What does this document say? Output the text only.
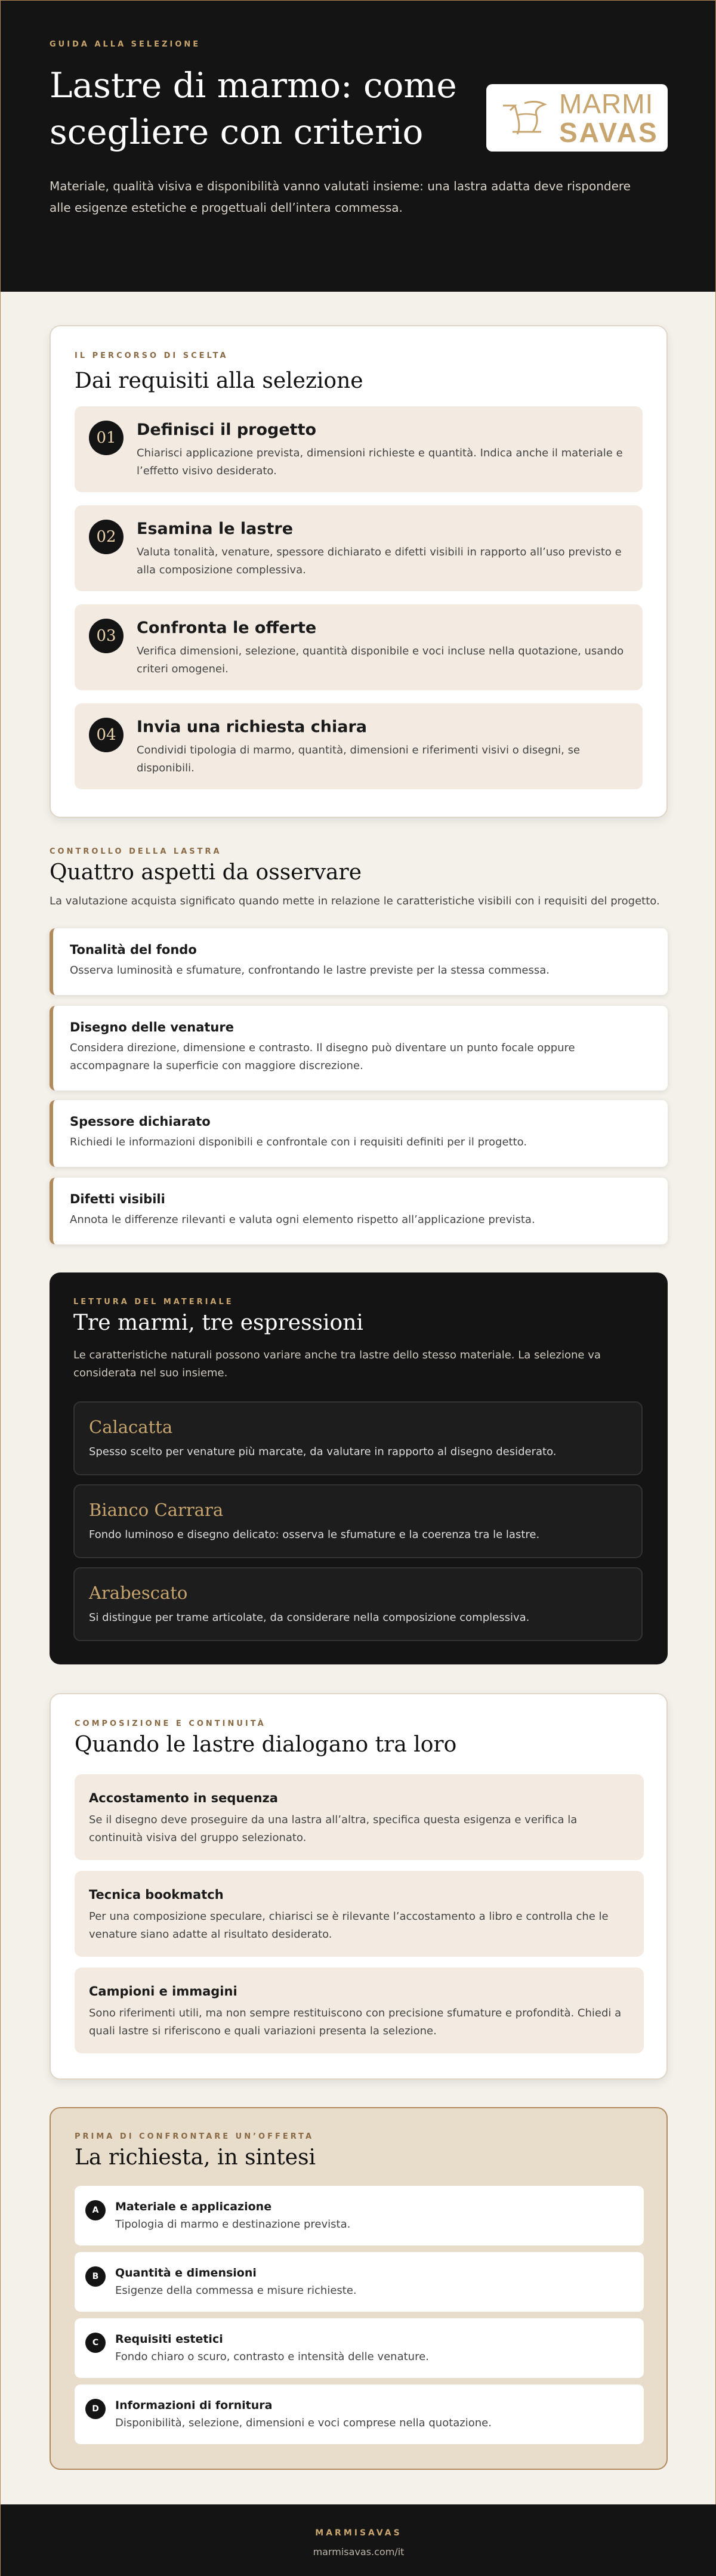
GUIDA ALLA SELEZIONE
Lastre di marmo: come scegliere con criterio

Materiale, qualità visiva e disponibilità vanno valutati insieme: una lastra adatta deve rispondere alle esigenze estetiche e progettuali dell’intera commessa.

MARMI
SAVAS
IL PERCORSO DI SCELTA
Dai requisiti alla selezione
01	Definisci il progetto

Chiarisci applicazione prevista, dimensioni richieste e quantità. Indica anche il materiale e l’effetto visivo desiderato.

02	Esamina le lastre

Valuta tonalità, venature, spessore dichiarato e difetti visibili in rapporto all’uso previsto e alla composizione complessiva.

03	Confronta le offerte

Verifica dimensioni, selezione, quantità disponibile e voci incluse nella quotazione, usando criteri omogenei.

04	Invia una richiesta chiara

Condividi tipologia di marmo, quantità, dimensioni e riferimenti visivi o disegni, se disponibili.

CONTROLLO DELLA LASTRA
Quattro aspetti da osservare

La valutazione acquista significato quando mette in relazione le caratteristiche visibili con i requisiti del progetto.

Tonalità del fondo

Osserva luminosità e sfumature, confrontando le lastre previste per la stessa commessa.

Disegno delle venature

Considera direzione, dimensione e contrasto. Il disegno può diventare un punto focale oppure accompagnare la superficie con maggiore discrezione.

Spessore dichiarato

Richiedi le informazioni disponibili e confrontale con i requisiti definiti per il progetto.

Difetti visibili

Annota le differenze rilevanti e valuta ogni elemento rispetto all’applicazione prevista.

LETTURA DEL MATERIALE
Tre marmi, tre espressioni

Le caratteristiche naturali possono variare anche tra lastre dello stesso materiale. La selezione va considerata nel suo insieme.

Calacatta

Spesso scelto per venature più marcate, da valutare in rapporto al disegno desiderato.

Bianco Carrara

Fondo luminoso e disegno delicato: osserva le sfumature e la coerenza tra le lastre.

Arabescato

Si distingue per trame articolate, da considerare nella composizione complessiva.

COMPOSIZIONE E CONTINUITÀ
Quando le lastre dialogano tra loro
Accostamento in sequenza

Se il disegno deve proseguire da una lastra all’altra, specifica questa esigenza e verifica la continuità visiva del gruppo selezionato.

Tecnica bookmatch

Per una composizione speculare, chiarisci se è rilevante l’accostamento a libro e controlla che le venature siano adatte al risultato desiderato.

Campioni e immagini

Sono riferimenti utili, ma non sempre restituiscono con precisione sfumature e profondità. Chiedi a quali lastre si riferiscono e quali variazioni presenta la selezione.

PRIMA DI CONFRONTARE UN’OFFERTA
La richiesta, in sintesi
A	Materiale e applicazione

Tipologia di marmo e destinazione prevista.

B	Quantità e dimensioni

Esigenze della commessa e misure richieste.

C	Requisiti estetici

Fondo chiaro o scuro, contrasto e intensità delle venature.

D	Informazioni di fornitura

Disponibilità, selezione, dimensioni e voci comprese nella quotazione.

MARMISAVAS
marmisavas.com/it
